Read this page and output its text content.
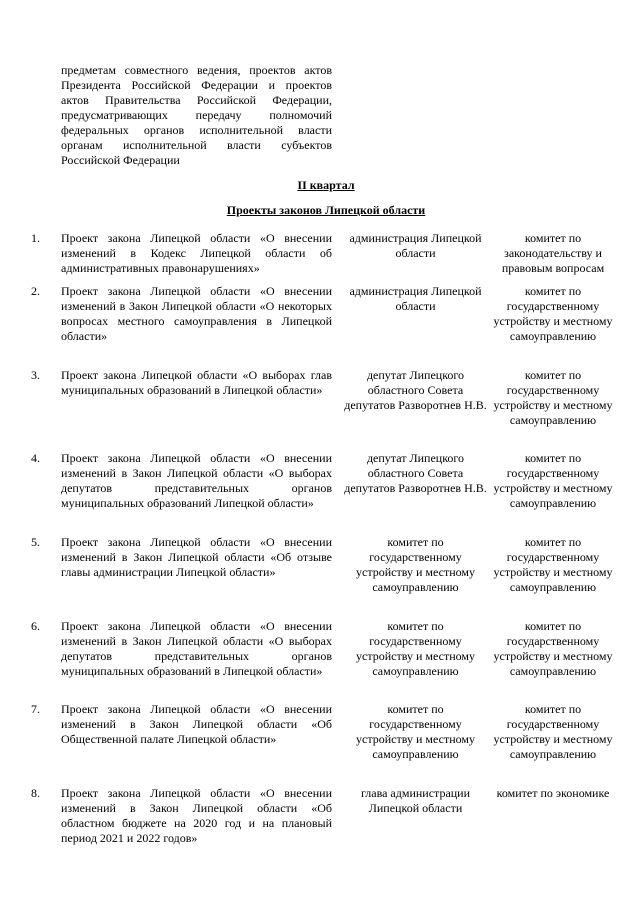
предметам совместного ведения, проектов актов Президента Российской Федерации и проектов актов Правительства Российской Федерации, предусматривающих передачу полномочий федеральных органов исполнительной власти органам исполнительной власти субъектов Российской Федерации
II квартал
Проекты законов Липецкой области
1. Проект закона Липецкой области «О внесении изменений в Кодекс Липецкой области об административных правонарушениях»
администрация Липецкой области
комитет по законодательству и правовым вопросам
2. Проект закона Липецкой области «О внесении изменений в Закон Липецкой области «О некоторых вопросах местного самоуправления в Липецкой области»
администрация Липецкой области
комитет по государственному устройству и местному самоуправлению
3. Проект закона Липецкой области «О выборах глав муниципальных образований в Липецкой области»
депутат Липецкого областного Совета депутатов Разворотнев Н.В.
комитет по государственному устройству и местному самоуправлению
4. Проект закона Липецкой области «О внесении изменений в Закон Липецкой области «О выборах депутатов представительных органов муниципальных образований Липецкой области»
депутат Липецкого областного Совета депутатов Разворотнев Н.В.
комитет по государственному устройству и местному самоуправлению
5. Проект закона Липецкой области «О внесении изменений в Закон Липецкой области «Об отзыве главы администрации Липецкой области»
комитет по государственному устройству и местному самоуправлению
комитет по государственному устройству и местному самоуправлению
6. Проект закона Липецкой области «О внесении изменений в Закон Липецкой области «О выборах депутатов представительных органов муниципальных образований в Липецкой области»
комитет по государственному устройству и местному самоуправлению
комитет по государственному устройству и местному самоуправлению
7. Проект закона Липецкой области «О внесении изменений в Закон Липецкой области «Об Общественной палате Липецкой области»
комитет по государственному устройству и местному самоуправлению
комитет по государственному устройству и местному самоуправлению
8. Проект закона Липецкой области «О внесении изменений в Закон Липецкой области «Об областном бюджете на 2020 год и на плановый период 2021 и 2022 годов»
глава администрации Липецкой области
комитет по экономике
